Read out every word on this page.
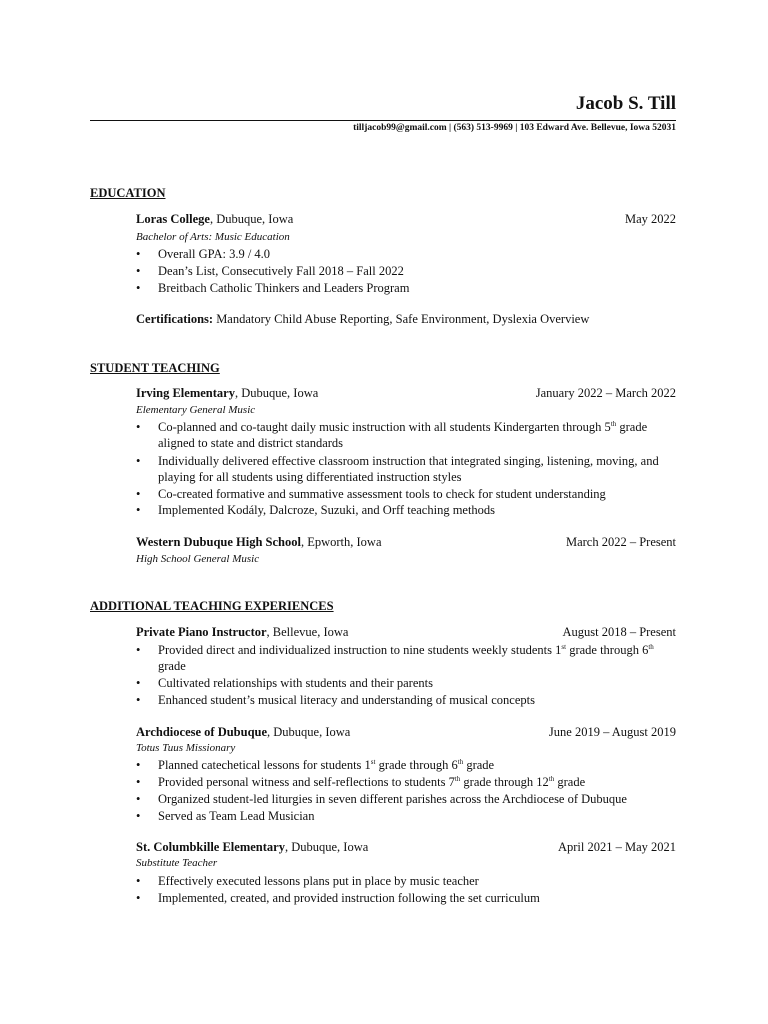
Jacob S. Till
tilljacob99@gmail.com | (563) 513-9969 | 103 Edward Ave. Bellevue, Iowa 52031
EDUCATION
Loras College, Dubuque, Iowa	May 2022
Bachelor of Arts: Music Education
• Overall GPA: 3.9 / 4.0
• Dean’s List, Consecutively Fall 2018 – Fall 2022
• Breitbach Catholic Thinkers and Leaders Program
Certifications: Mandatory Child Abuse Reporting, Safe Environment, Dyslexia Overview
STUDENT TEACHING
Irving Elementary, Dubuque, Iowa	January 2022 – March 2022
Elementary General Music
• Co-planned and co-taught daily music instruction with all students Kindergarten through 5th grade aligned to state and district standards
• Individually delivered effective classroom instruction that integrated singing, listening, moving, and playing for all students using differentiated instruction styles
• Co-created formative and summative assessment tools to check for student understanding
• Implemented Kodály, Dalcroze, Suzuki, and Orff teaching methods
Western Dubuque High School, Epworth, Iowa	March 2022 – Present
High School General Music
ADDITIONAL TEACHING EXPERIENCES
Private Piano Instructor, Bellevue, Iowa	August 2018 – Present
• Provided direct and individualized instruction to nine students weekly students 1st grade through 6th grade
• Cultivated relationships with students and their parents
• Enhanced student’s musical literacy and understanding of musical concepts
Archdiocese of Dubuque, Dubuque, Iowa	June 2019 – August 2019
Totus Tuus Missionary
• Planned catechetical lessons for students 1st grade through 6th grade
• Provided personal witness and self-reflections to students 7th grade through 12th grade
• Organized student-led liturgies in seven different parishes across the Archdiocese of Dubuque
• Served as Team Lead Musician
St. Columbkille Elementary, Dubuque, Iowa	April 2021 – May 2021
Substitute Teacher
• Effectively executed lessons plans put in place by music teacher
• Implemented, created, and provided instruction following the set curriculum
